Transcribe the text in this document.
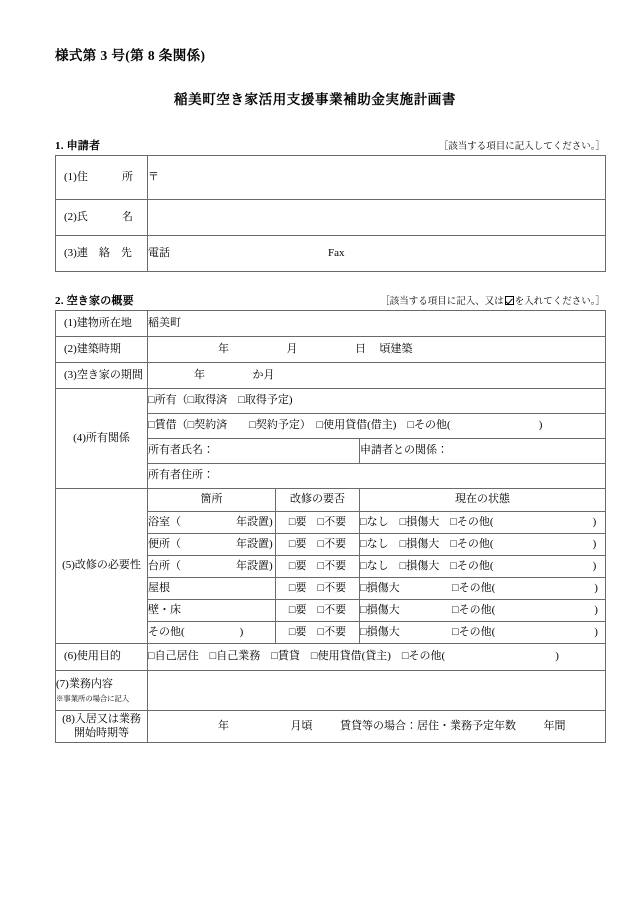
様式第 3 号(第 8 条関係)
稲美町空き家活用支援事業補助金実施計画書
1. 申請者	［該当する項目に記入してください。］
(1)住 所	〒

(2)氏 名	

(3)連　絡　先	電話 Fax
2. 空き家の概要	［該当する項目に記入、又は を入れてください。］
(1)建物所在地	稲美町		

(2)建築時期	年 月 日 頃建築		

(3)空き家の期間	年 か月		

(4)所有関係	□所有（□取得済　□取得予定)		
	□賃借（□契約済　　□契約予定）　□使用貸借(借主)　□その他(　　　　　　　　)		
	所有者氏名：		申請者との関係：
	所有者住所：		
(5)改修の必要性	箇所	改修の要否	現在の状態
	浴室（　　　　　年設置)	□要　□不要	□なし　□損傷大　□その他(　　　　　　　　　)
	便所（　　　　　年設置)	□要　□不要	□なし　□損傷大　□その他(　　　　　　　　　)
	台所（　　　　　年設置)	□要　□不要	□なし　□損傷大　□その他(　　　　　　　　　)
	屋根	□要　□不要	□損傷大 □その他(　　　　　　　　　)

	壁・床	□要　□不要	□損傷大 □その他(　　　　　　　　　)

	その他(　　　　　)	□要　□不要	□損傷大 □その他(　　　　　　　　　)

(6)使用目的	□自己居住　□自己業務　□賃貸　□使用貸借(貸主)　□その他(　　　　　　　　　　)		
(7)業務内容
※事業所の場合に記入			

(8)入居又は業務
開始時期等	年 月頃 賃貸等の場合：居住・業務予定年数 年間		
